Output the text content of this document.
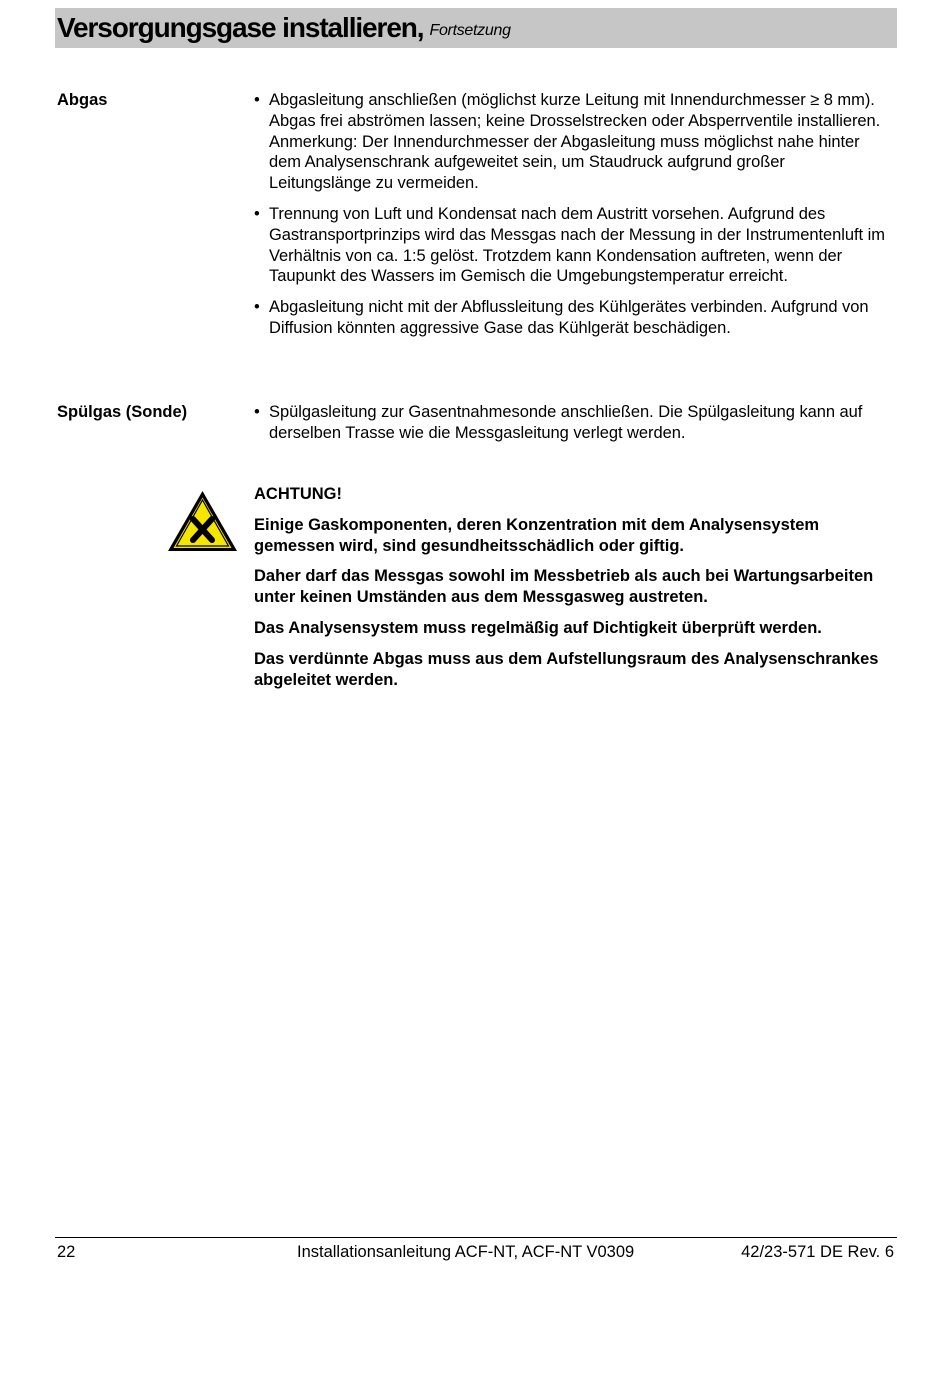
Versorgungsgase installieren, Fortsetzung
Abgas	• Abgasleitung anschließen (möglichst kurze Leitung mit Innendurchmesser ≥ 8 mm). Abgas frei abströmen lassen; keine Drosselstrecken oder Absperrventile installieren. Anmerkung: Der Innendurchmesser der Abgasleitung muss möglichst nahe hinter dem Analysenschrank aufgeweitet sein, um Staudruck aufgrund großer Leitungslänge zu vermeiden.
• Trennung von Luft und Kondensat nach dem Austritt vorsehen. Aufgrund des Gastransportprinzips wird das Messgas nach der Messung in der Instrumentenluft im Verhältnis von ca. 1:5 gelöst. Trotzdem kann Kondensation auftreten, wenn der Taupunkt des Wassers im Gemisch die Umgebungstemperatur erreicht.
• Abgasleitung nicht mit der Abflussleitung des Kühlgerätes verbinden. Aufgrund von Diffusion könnten aggressive Gase das Kühlgerät beschädigen.
Spülgas (Sonde)	• Spülgasleitung zur Gasentnahmesonde anschließen. Die Spülgasleitung kann auf derselben Trasse wie die Messgasleitung verlegt werden.

ACHTUNG!

Einige Gaskomponenten, deren Konzentration mit dem Analysensystem gemessen wird, sind gesundheitsschädlich oder giftig.

Daher darf das Messgas sowohl im Messbetrieb als auch bei Wartungsarbeiten unter keinen Umständen aus dem Messgasweg austreten.

Das Analysensystem muss regelmäßig auf Dichtigkeit überprüft werden.

Das verdünnte Abgas muss aus dem Aufstellungsraum des Analysenschrankes abgeleitet werden.

22	Installationsanleitung ACF-NT, ACF-NT V0309	42/23-571 DE Rev. 6
